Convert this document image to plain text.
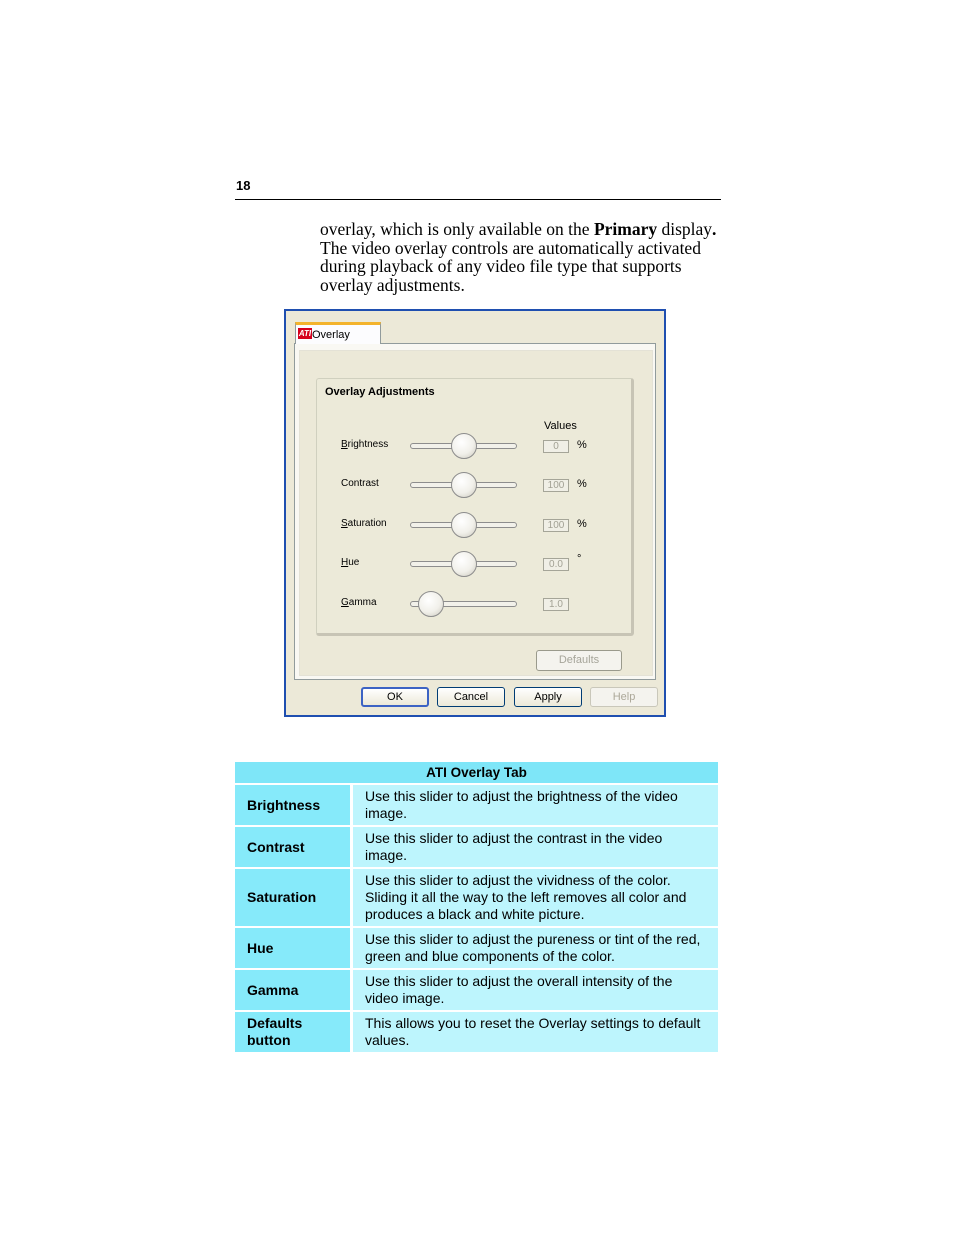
18
overlay, which is only available on the Primary display. The video overlay controls are automatically activated during playback of any video file type that supports overlay adjustments.
ATI Overlay
Overlay Adjustments
Values
Brightness	0	%
Contrast	100	%
Saturation	100	%
Hue	0.0	°
Gamma	1.0
Defaults
OK	Cancel	Apply	Help
ATI Overlay Tab	
Brightness	Use this slider to adjust the brightness of the video image.
Contrast	Use this slider to adjust the contrast in the video image.
Saturation	Use this slider to adjust the vividness of the color. Sliding it all the way to the left removes all color and produces a black and white picture.
Hue	Use this slider to adjust the pureness or tint of the red, green and blue components of the color.
Gamma	Use this slider to adjust the overall intensity of the video image.
Defaults button	This allows you to reset the Overlay settings to default values.
